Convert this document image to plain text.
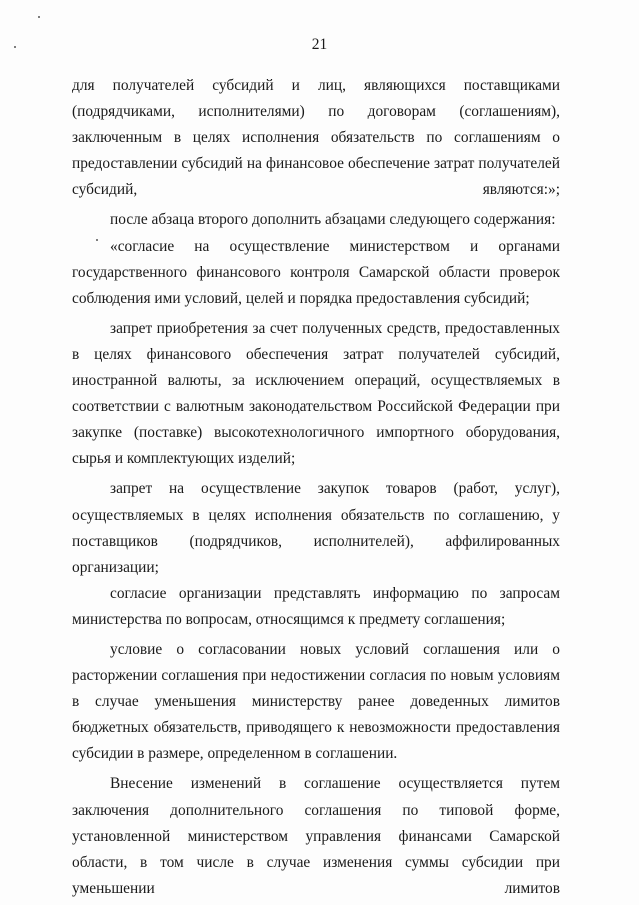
21

для получателей субсидий и лиц, являющихся поставщиками (подрядчиками, исполнителями) по договорам (соглашениям), заключенным в целях исполнения обязательств по соглашениям о предоставлении субсидий на финансовое обеспечение затрат получателей субсидий, являются:»;

после абзаца второго дополнить абзацами следующего содержания:

«согласие на осуществление министерством и органами государственного финансового контроля Самарской области проверок соблюдения ими условий, целей и порядка предоставления субсидий;

запрет приобретения за счет полученных средств, предоставленных в целях финансового обеспечения затрат получателей субсидий, иностранной валюты, за исключением операций, осуществляемых в соответствии с валютным законодательством Российской Федерации при закупке (поставке) высокотехнологичного импортного оборудования, сырья и комплектующих изделий;

запрет на осуществление закупок товаров (работ, услуг), осуществляемых в целях исполнения обязательств по соглашению, у поставщиков (подрядчиков, исполнителей), аффилированных организации;

согласие организации представлять информацию по запросам министерства по вопросам, относящимся к предмету соглашения;

условие о согласовании новых условий соглашения или о расторжении соглашения при недостижении согласия по новым условиям в случае уменьшения министерству ранее доведенных лимитов бюджетных обязательств, приводящего к невозможности предоставления субсидии в размере, определенном в соглашении.

Внесение изменений в соглашение осуществляется путем заключения дополнительного соглашения по типовой форме, установленной министерством управления финансами Самарской области, в том числе в случае изменения суммы субсидии при уменьшении лимитов
